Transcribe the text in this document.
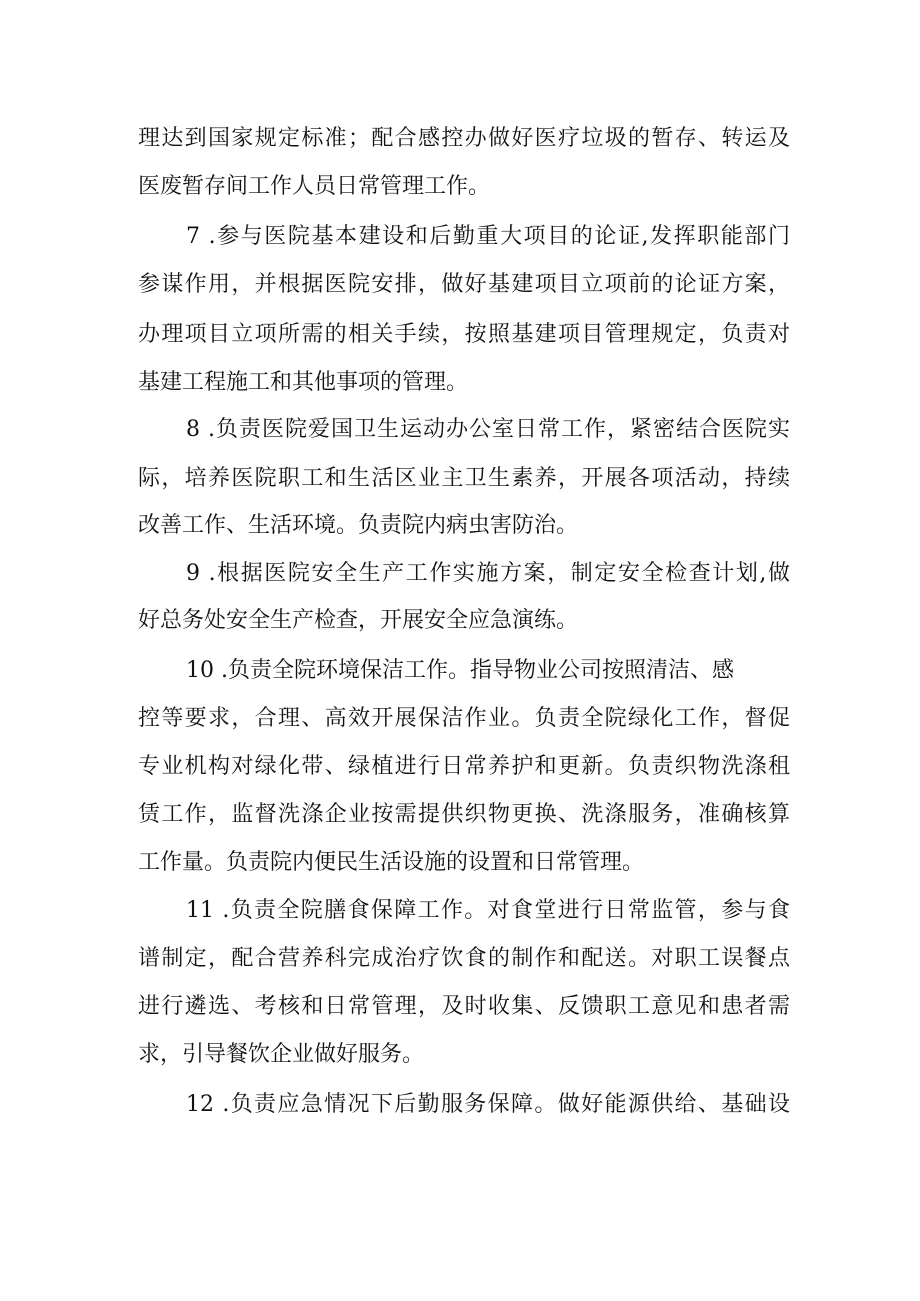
理达到国家规定标准；配合感控办做好医疗垃圾的暂存、转运及
医废暂存间工作人员日常管理工作。
7 .参与医院基本建设和后勤重大项目的论证,发挥职能部门
参谋作用，并根据医院安排，做好基建项目立项前的论证方案，
办理项目立项所需的相关手续，按照基建项目管理规定，负责对
基建工程施工和其他事项的管理。
8 .负责医院爱国卫生运动办公室日常工作，紧密结合医院实
际，培养医院职工和生活区业主卫生素养，开展各项活动，持续
改善工作、生活环境。负责院内病虫害防治。
9 .根据医院安全生产工作实施方案，制定安全检查计划,做
好总务处安全生产检查，开展安全应急演练。
10 .负责全院环境保洁工作。指导物业公司按照清洁、感
控等要求，合理、高效开展保洁作业。负责全院绿化工作，督促
专业机构对绿化带、绿植进行日常养护和更新。负责织物洗涤租
赁工作，监督洗涤企业按需提供织物更换、洗涤服务，准确核算
工作量。负责院内便民生活设施的设置和日常管理。
11 .负责全院膳食保障工作。对食堂进行日常监管，参与食
谱制定，配合营养科完成治疗饮食的制作和配送。对职工误餐点
进行遴选、考核和日常管理，及时收集、反馈职工意见和患者需
求，引导餐饮企业做好服务。
12 .负责应急情况下后勤服务保障。做好能源供给、基础设
